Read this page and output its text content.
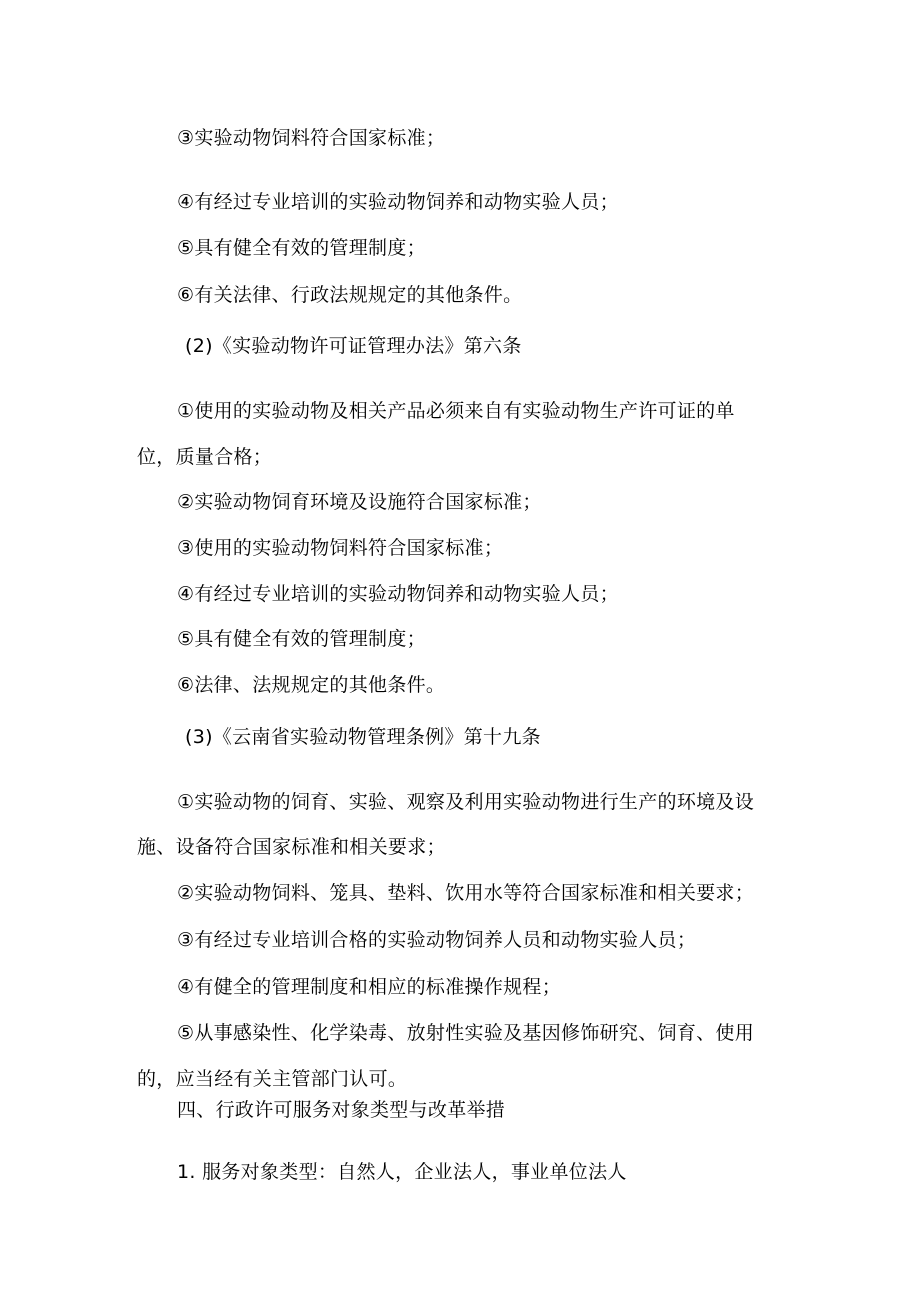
③实验动物饲料符合国家标准；
④有经过专业培训的实验动物饲养和动物实验人员；
⑤具有健全有效的管理制度；
⑥有关法律、行政法规规定的其他条件。
(2)《实验动物许可证管理办法》第六条
①使用的实验动物及相关产品必须来自有实验动物生产许可证的单
位，质量合格；
②实验动物饲育环境及设施符合国家标准；
③使用的实验动物饲料符合国家标准；
④有经过专业培训的实验动物饲养和动物实验人员；
⑤具有健全有效的管理制度；
⑥法律、法规规定的其他条件。
(3)《云南省实验动物管理条例》第十九条
①实验动物的饲育、实验、观察及利用实验动物进行生产的环境及设
施、设备符合国家标准和相关要求；
②实验动物饲料、笼具、垫料、饮用水等符合国家标准和相关要求；
③有经过专业培训合格的实验动物饲养人员和动物实验人员；
④有健全的管理制度和相应的标准操作规程；
⑤从事感染性、化学染毒、放射性实验及基因修饰研究、饲育、使用
的，应当经有关主管部门认可。
四、行政许可服务对象类型与改革举措
1. 服务对象类型：自然人，企业法人，事业单位法人
